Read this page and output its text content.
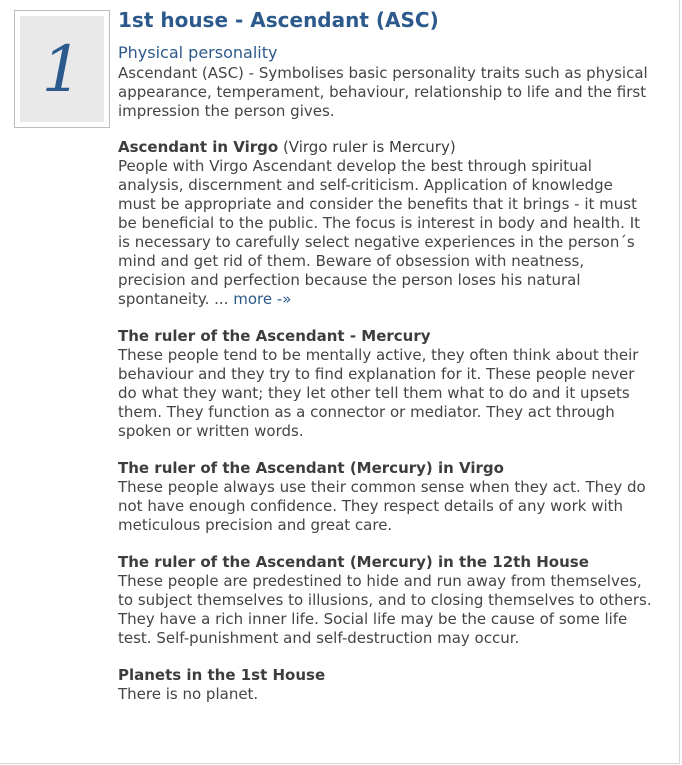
1
1st house - Ascendant (ASC)
Physical personality

Ascendant (ASC) - Symbolises basic personality traits such as physical appearance, temperament, behaviour, relationship to life and the first impression the person gives.

Ascendant in Virgo (Virgo ruler is Mercury)

People with Virgo Ascendant develop the best through spiritual analysis, discernment and self-criticism. Application of knowledge must be appropriate and consider the benefits that it brings - it must be beneficial to the public. The focus is interest in body and health. It is necessary to carefully select negative experiences in the person´s mind and get rid of them. Beware of obsession with neatness, precision and perfection because the person loses his natural spontaneity. ... more -»

The ruler of the Ascendant - Mercury

These people tend to be mentally active, they often think about their behaviour and they try to find explanation for it. These people never do what they want; they let other tell them what to do and it upsets them. They function as a connector or mediator. They act through spoken or written words.

The ruler of the Ascendant (Mercury) in Virgo

These people always use their common sense when they act. They do not have enough confidence. They respect details of any work with meticulous precision and great care.

The ruler of the Ascendant (Mercury) in the 12th House

These people are predestined to hide and run away from themselves, to subject themselves to illusions, and to closing themselves to others. They have a rich inner life. Social life may be the cause of some life test. Self-punishment and self-destruction may occur.

Planets in the 1st House

There is no planet.
